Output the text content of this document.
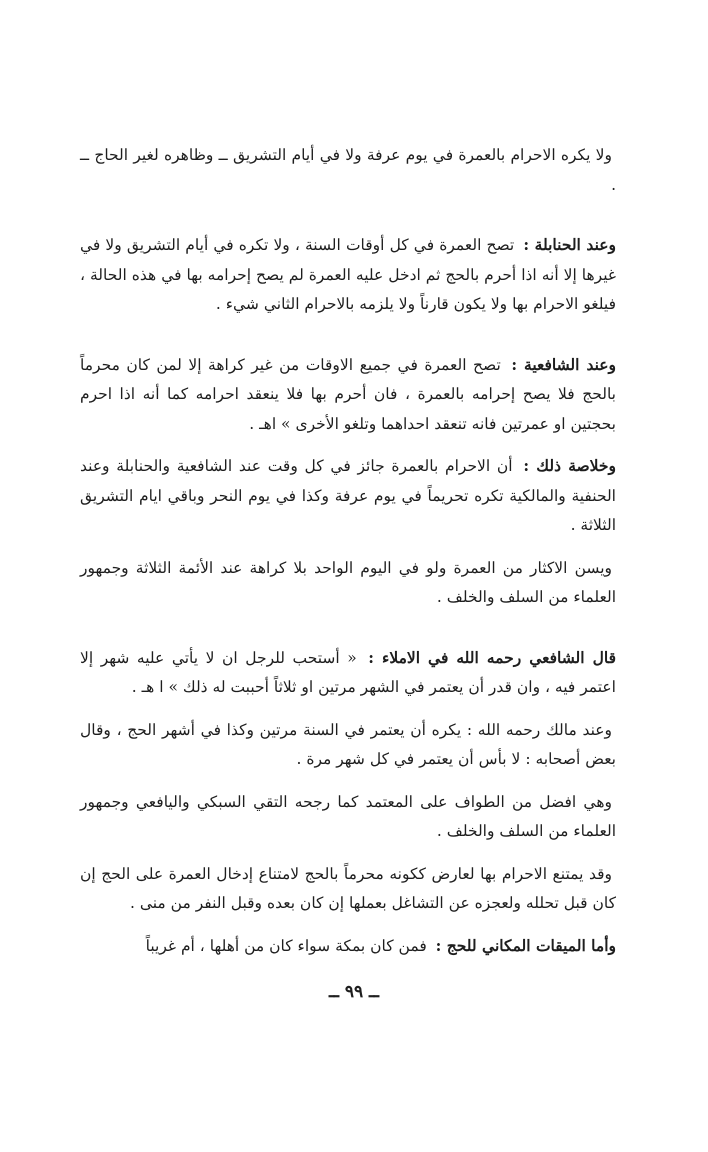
ولا يكره الاحرام بالعمرة في يوم عرفة ولا في أيام التشريق ــ وظاهره لغير الحاج ــ .

وعند الحنابلة : تصح العمرة في كل أوقات السنة ، ولا تكره في أيام التشريق ولا في غيرها إلا أنه اذا أحرم بالحج ثم ادخل عليه العمرة لم يصح إحرامه بها في هذه الحالة ، فيلغو الاحرام بها ولا يكون قارناً ولا يلزمه بالاحرام الثاني شيء .

وعند الشافعية : تصح العمرة في جميع الاوقات من غير كراهة إلا لمن كان محرماً بالحج فلا يصح إحرامه بالعمرة ، فان أحرم بها فلا ينعقد احرامه كما أنه اذا احرم بحجتين او عمرتين فانه تنعقد احداهما وتلغو الأخرى » اهـ .

وخلاصة ذلك : أن الاحرام بالعمرة جائز في كل وقت عند الشافعية والحنابلة وعند الحنفية والمالكية تكره تحريماً في يوم عرفة وكذا في يوم النحر وباقي ايام التشريق الثلاثة .

ويسن الاكثار من العمرة ولو في اليوم الواحد بلا كراهة عند الأئمة الثلاثة وجمهور العلماء من السلف والخلف .

قال الشافعي رحمه الله في الاملاء : « أستحب للرجل ان لا يأتي عليه شهر إلا اعتمر فيه ، وان قدر أن يعتمر في الشهر مرتين او ثلاثاً أحببت له ذلك » ا هـ .

وعند مالك رحمه الله : يكره أن يعتمر في السنة مرتين وكذا في أشهر الحج ، وقال بعض أصحابه : لا بأس أن يعتمر في كل شهر مرة .

وهي افضل من الطواف على المعتمد كما رجحه التقي السبكي واليافعي وجمهور العلماء من السلف والخلف .

وقد يمتنع الاحرام بها لعارض ككونه محرماً بالحج لامتناع إدخال العمرة على الحج إن كان قبل تحلله ولعجزه عن التشاغل بعملها إن كان بعده وقبل النفر من منى .

وأما الميقات المكاني للحج : فمن كان بمكة سواء كان من أهلها ، أم غريباً

ــ ٩٩ ــ
